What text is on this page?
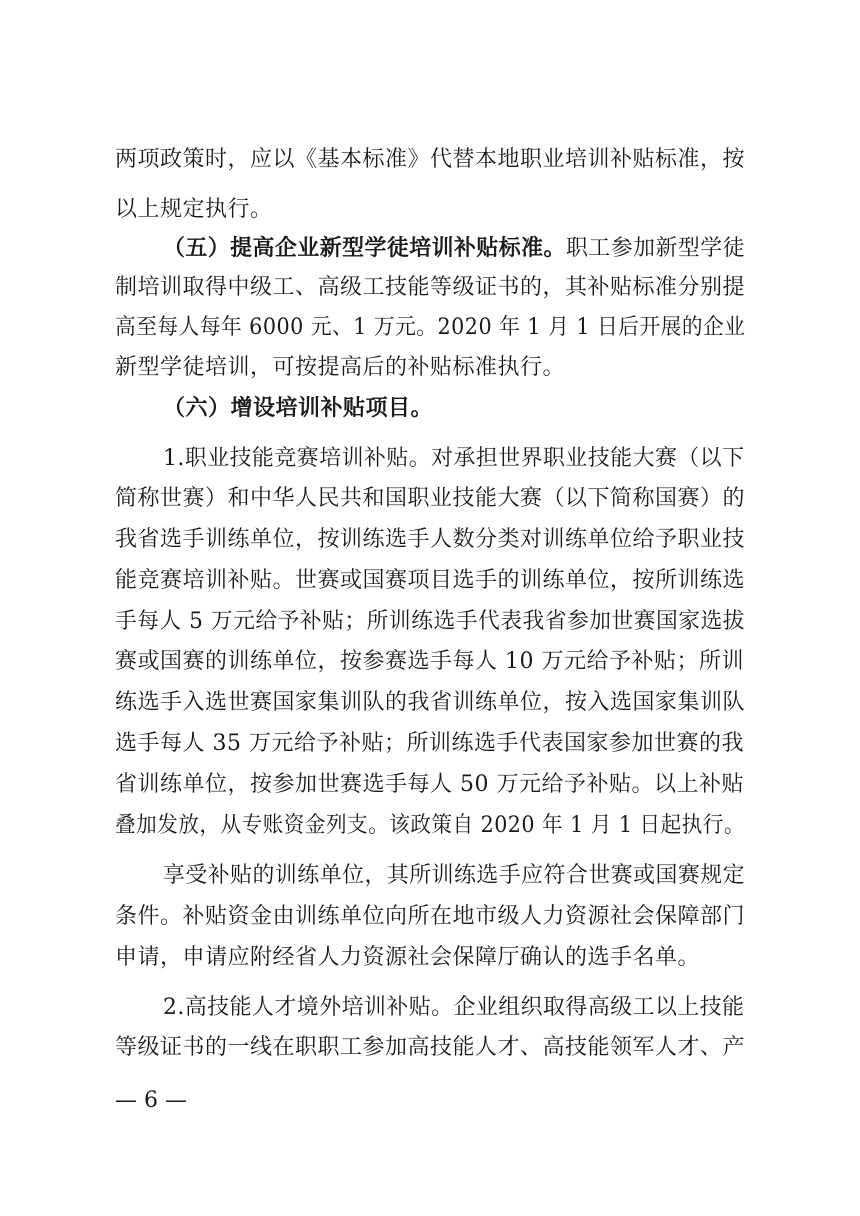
两项政策时，应以《基本标准》代替本地职业培训补贴标准，按
以上规定执行。
（五）提高企业新型学徒培训补贴标准。职工参加新型学徒
制培训取得中级工、高级工技能等级证书的，其补贴标准分别提
高至每人每年 6000 元、1 万元。2020 年 1 月 1 日后开展的企业
新型学徒培训，可按提高后的补贴标准执行。
（六）增设培训补贴项目。
1.职业技能竞赛培训补贴。对承担世界职业技能大赛（以下
简称世赛）和中华人民共和国职业技能大赛（以下简称国赛）的
我省选手训练单位，按训练选手人数分类对训练单位给予职业技
能竞赛培训补贴。世赛或国赛项目选手的训练单位，按所训练选
手每人 5 万元给予补贴；所训练选手代表我省参加世赛国家选拔
赛或国赛的训练单位，按参赛选手每人 10 万元给予补贴；所训
练选手入选世赛国家集训队的我省训练单位，按入选国家集训队
选手每人 35 万元给予补贴；所训练选手代表国家参加世赛的我
省训练单位，按参加世赛选手每人 50 万元给予补贴。以上补贴
叠加发放，从专账资金列支。该政策自 2020 年 1 月 1 日起执行。
享受补贴的训练单位，其所训练选手应符合世赛或国赛规定
条件。补贴资金由训练单位向所在地市级人力资源社会保障部门
申请，申请应附经省人力资源社会保障厅确认的选手名单。
2.高技能人才境外培训补贴。企业组织取得高级工以上技能
等级证书的一线在职职工参加高技能人才、高技能领军人才、产
— 6 —
